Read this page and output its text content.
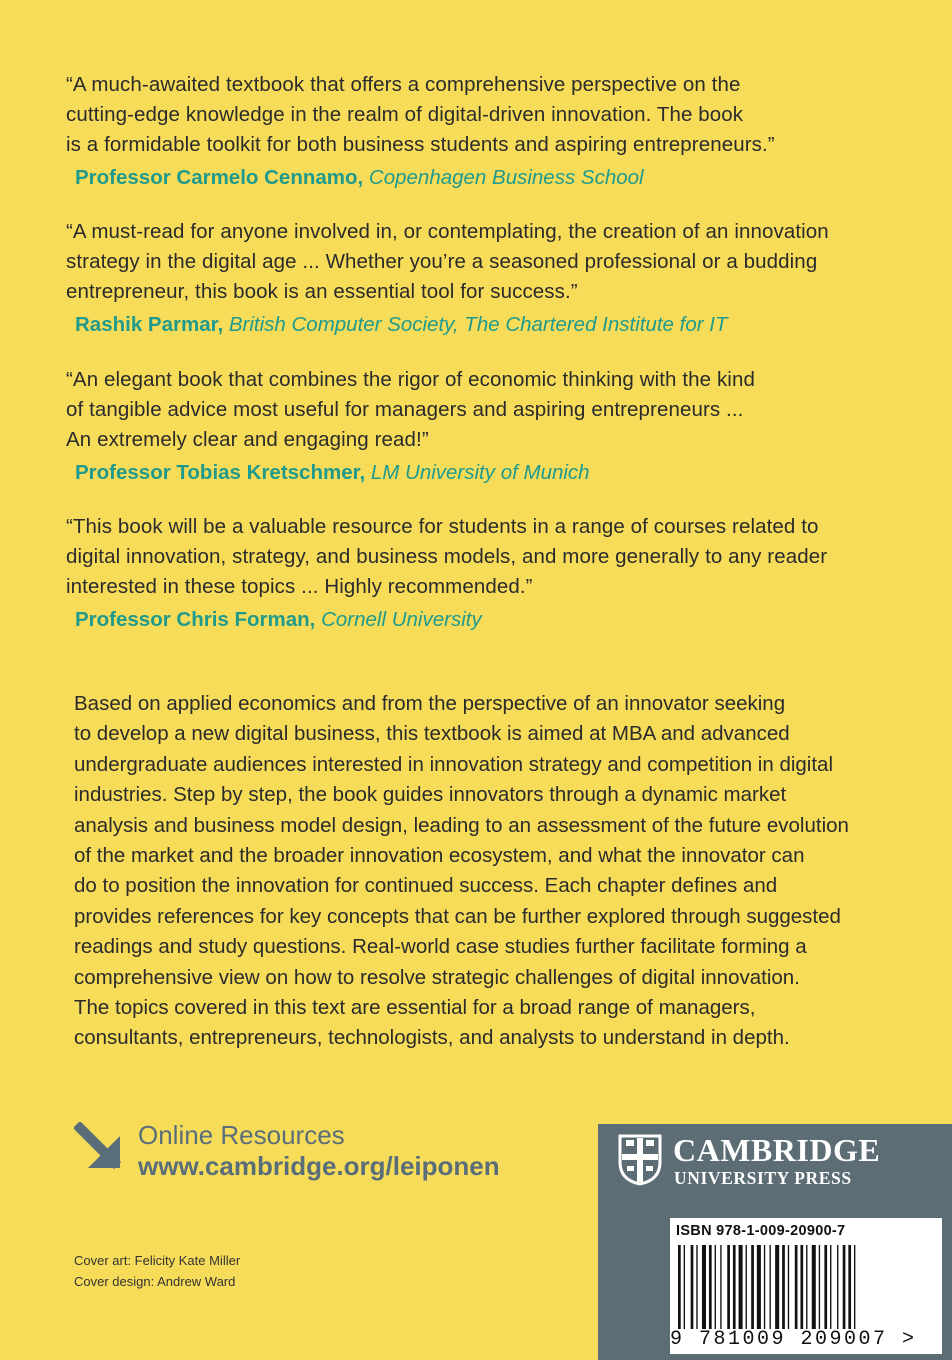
“A much-awaited textbook that offers a comprehensive perspective on the
cutting-edge knowledge in the realm of digital-driven innovation. The book
is a formidable toolkit for both business students and aspiring entrepreneurs.”
Professor Carmelo Cennamo, Copenhagen Business School
“A must-read for anyone involved in, or contemplating, the creation of an innovation
strategy in the digital age ... Whether you’re a seasoned professional or a budding
entrepreneur, this book is an essential tool for success.”
Rashik Parmar, British Computer Society, The Chartered Institute for IT
“An elegant book that combines the rigor of economic thinking with the kind
of tangible advice most useful for managers and aspiring entrepreneurs ...
An extremely clear and engaging read!”
Professor Tobias Kretschmer, LM University of Munich
“This book will be a valuable resource for students in a range of courses related to
digital innovation, strategy, and business models, and more generally to any reader
interested in these topics ... Highly recommended.”
Professor Chris Forman, Cornell University
Based on applied economics and from the perspective of an innovator seeking
to develop a new digital business, this textbook is aimed at MBA and advanced
undergraduate audiences interested in innovation strategy and competition in digital
industries. Step by step, the book guides innovators through a dynamic market
analysis and business model design, leading to an assessment of the future evolution
of the market and the broader innovation ecosystem, and what the innovator can
do to position the innovation for continued success. Each chapter defines and
provides references for key concepts that can be further explored through suggested
readings and study questions. Real-world case studies further facilitate forming a
comprehensive view on how to resolve strategic challenges of digital innovation.
The topics covered in this text are essential for a broad range of managers,
consultants, entrepreneurs, technologists, and analysts to understand in depth.
Online Resources
www.cambridge.org/leiponen
Cover art: Felicity Kate Miller
Cover design: Andrew Ward
CAMBRIDGE
UNIVERSITY PRESS
ISBN 978-1-009-20900-7
9 781009 209007 >
